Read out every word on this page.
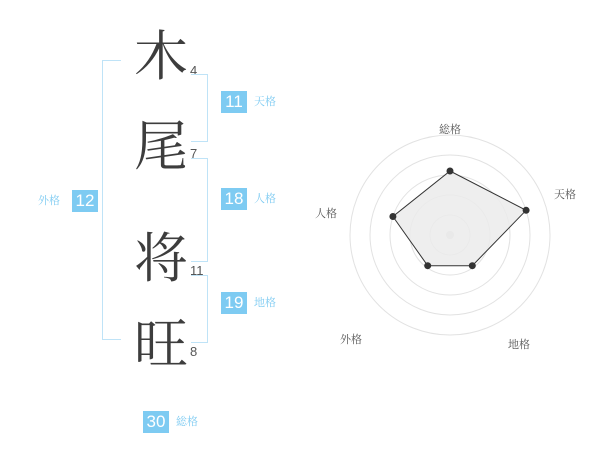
木 4
尾 7
将 11
旺 8
11	天格
18 人格
外格 12
19 地格
30 総格
総格
天格
人格
地格
外格
